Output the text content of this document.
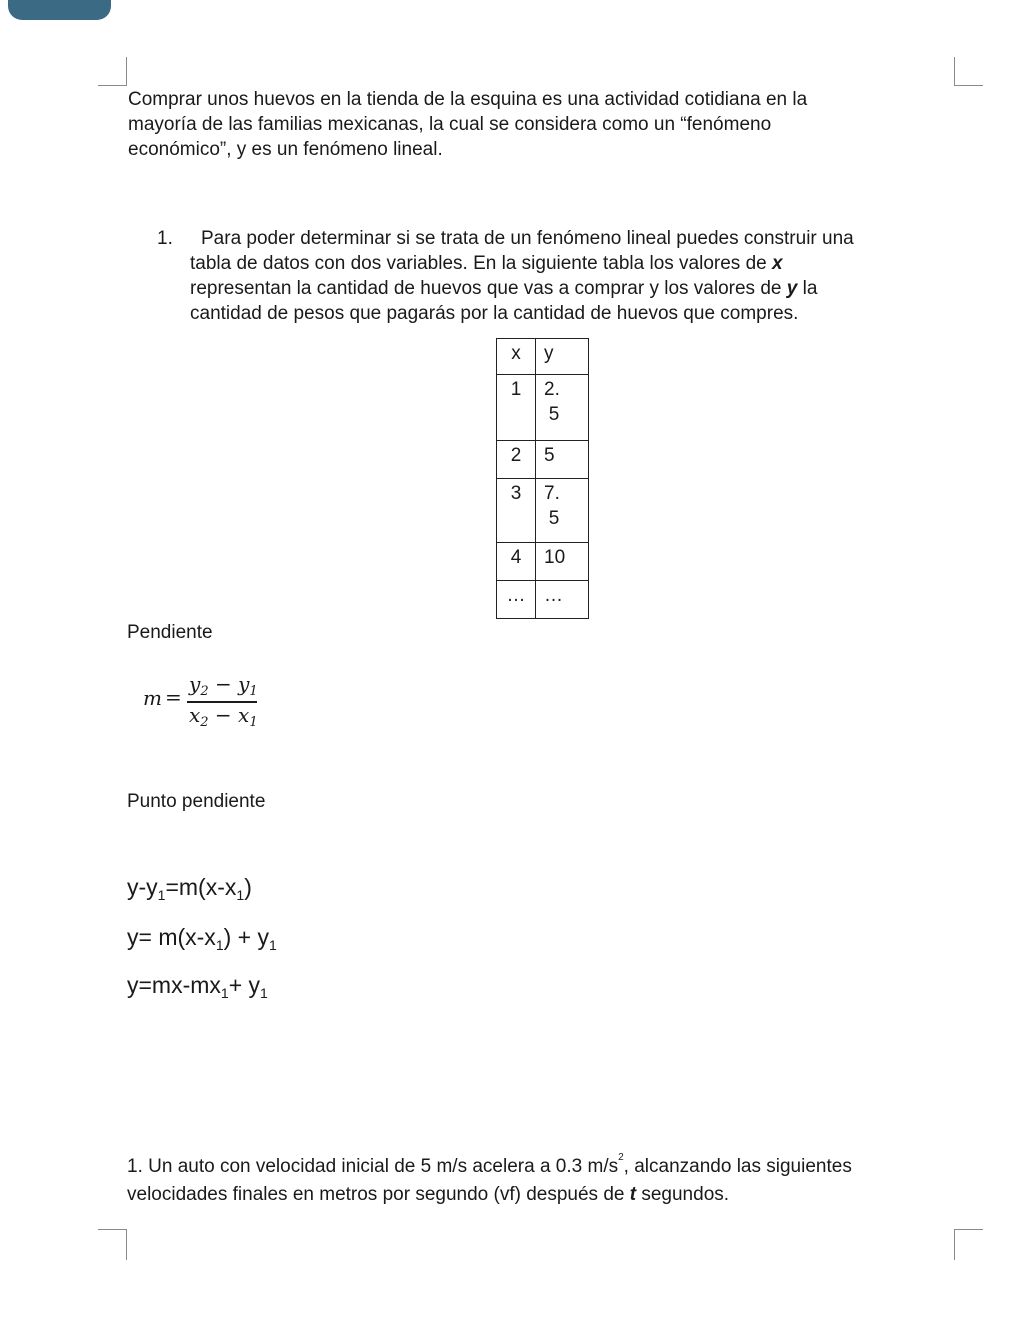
Comprar unos huevos en la tienda de la esquina es una actividad cotidiana en la
mayoría de las familias mexicanas, la cual se considera como un “fenómeno
económico”, y es un fenómeno lineal.
1. Para poder determinar si se trata de un fenómeno lineal puedes construir una
tabla de datos con dos variables. En la siguiente tabla los valores de x
representan la cantidad de huevos que vas a comprar y los valores de y la
cantidad de pesos que pagarás por la cantidad de huevos que compres.
x	y
1	2.
5

2	5
3	7.
5

4	10
…	…
Pendiente
m =
$y_2 - y_1$
$x_2 - x_1$
Punto pendiente
$y-y_1=m(x-x_1)$
$y= m(x-x_1) + y_1$
$y=mx-mx_1+ y_1$
1. Un auto con velocidad inicial de 5 m/s acelera a 0.3 $m/s^2$, alcanzando las siguientes
velocidades finales en metros por segundo (vf) después de t segundos.
